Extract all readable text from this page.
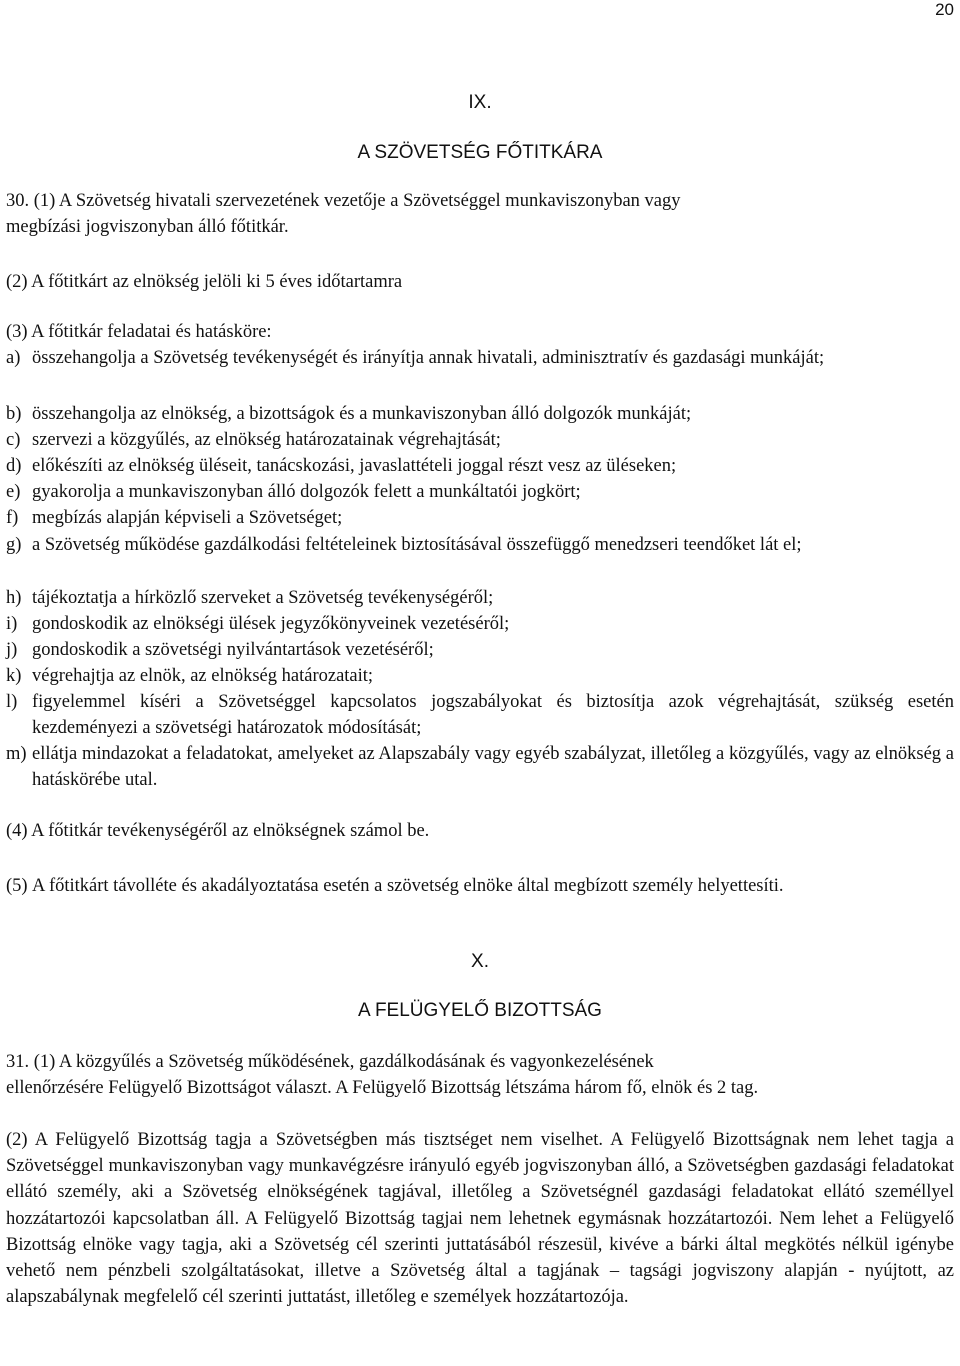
20
IX.
A SZÖVETSÉG FŐTITKÁRA
30. (1) A Szövetség hivatali szervezetének vezetője a Szövetséggel munkaviszonyban vagy
megbízási jogviszonyban álló főtitkár.
(2) A főtitkárt az elnökség jelöli ki 5 éves időtartamra
(3) A főtitkár feladatai és hatásköre:
a) összehangolja a Szövetség tevékenységét és irányítja annak hivatali, adminisztratív és gazdasági munkáját;
b) összehangolja az elnökség, a bizottságok és a munkaviszonyban álló dolgozók munkáját;
c) szervezi a közgyűlés, az elnökség határozatainak végrehajtását;
d) előkészíti az elnökség üléseit, tanácskozási, javaslattételi joggal részt vesz az üléseken;
e) gyakorolja a munkaviszonyban álló dolgozók felett a munkáltatói jogkört;
f) megbízás alapján képviseli a Szövetséget;
g) a Szövetség működése gazdálkodási feltételeinek biztosításával összefüggő menedzseri teendőket lát el;
h) tájékoztatja a hírközlő szerveket a Szövetség tevékenységéről;
i) gondoskodik az elnökségi ülések jegyzőkönyveinek vezetéséről;
j) gondoskodik a szövetségi nyilvántartások vezetéséről;
k) végrehajtja az elnök, az elnökség határozatait;
l) figyelemmel kíséri a Szövetséggel kapcsolatos jogszabályokat és biztosítja azok végrehajtását, szükség esetén kezdeményezi a szövetségi határozatok módosítását;
m) ellátja mindazokat a feladatokat, amelyeket az Alapszabály vagy egyéb szabályzat, illetőleg a közgyűlés, vagy az elnökség a hatáskörébe utal.
(4) A főtitkár tevékenységéről az elnökségnek számol be.
(5) A főtitkárt távolléte és akadályoztatása esetén a szövetség elnöke által megbízott személy helyettesíti.
X.
A FELÜGYELŐ BIZOTTSÁG
31. (1) A közgyűlés a Szövetség működésének, gazdálkodásának és vagyonkezelésének
ellenőrzésére Felügyelő Bizottságot választ. A Felügyelő Bizottság létszáma három fő, elnök és 2 tag.
(2) A Felügyelő Bizottság tagja a Szövetségben más tisztséget nem viselhet. A Felügyelő Bizottságnak nem lehet tagja a Szövetséggel munkaviszonyban vagy munkavégzésre irányuló egyéb jogviszonyban álló, a Szövetségben gazdasági feladatokat ellátó személy, aki a Szövetség elnökségének tagjával, illetőleg a Szövetségnél gazdasági feladatokat ellátó személlyel hozzátartozói kapcsolatban áll. A Felügyelő Bizottság tagjai nem lehetnek egymásnak hozzátartozói. Nem lehet a Felügyelő Bizottság elnöke vagy tagja, aki a Szövetség cél szerinti juttatásából részesül, kivéve a bárki által megkötés nélkül igénybe vehető nem pénzbeli szolgáltatásokat, illetve a Szövetség által a tagjának – tagsági jogviszony alapján - nyújtott, az alapszabálynak megfelelő cél szerinti juttatást, illetőleg e személyek hozzátartozója.
